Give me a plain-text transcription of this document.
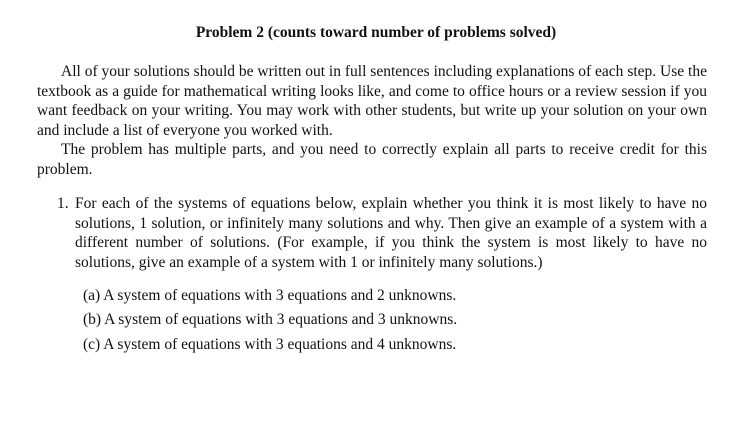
Problem 2 (counts toward number of problems solved)

All of your solutions should be written out in full sentences including explanations of each step. Use the textbook as a guide for mathematical writing looks like, and come to office hours or a review session if you want feedback on your writing. You may work with other students, but write up your solution on your own and include a list of everyone you worked with.

The problem has multiple parts, and you need to correctly explain all parts to receive credit for this problem.

1. For each of the systems of equations below, explain whether you think it is most likely to have no solutions, 1 solution, or infinitely many solutions and why. Then give an example of a system with a different number of solutions. (For example, if you think the system is most likely to have no solutions, give an example of a system with 1 or infinitely many solutions.)
(a) A system of equations with 3 equations and 2 unknowns.
(b) A system of equations with 3 equations and 3 unknowns.
(c) A system of equations with 3 equations and 4 unknowns.
